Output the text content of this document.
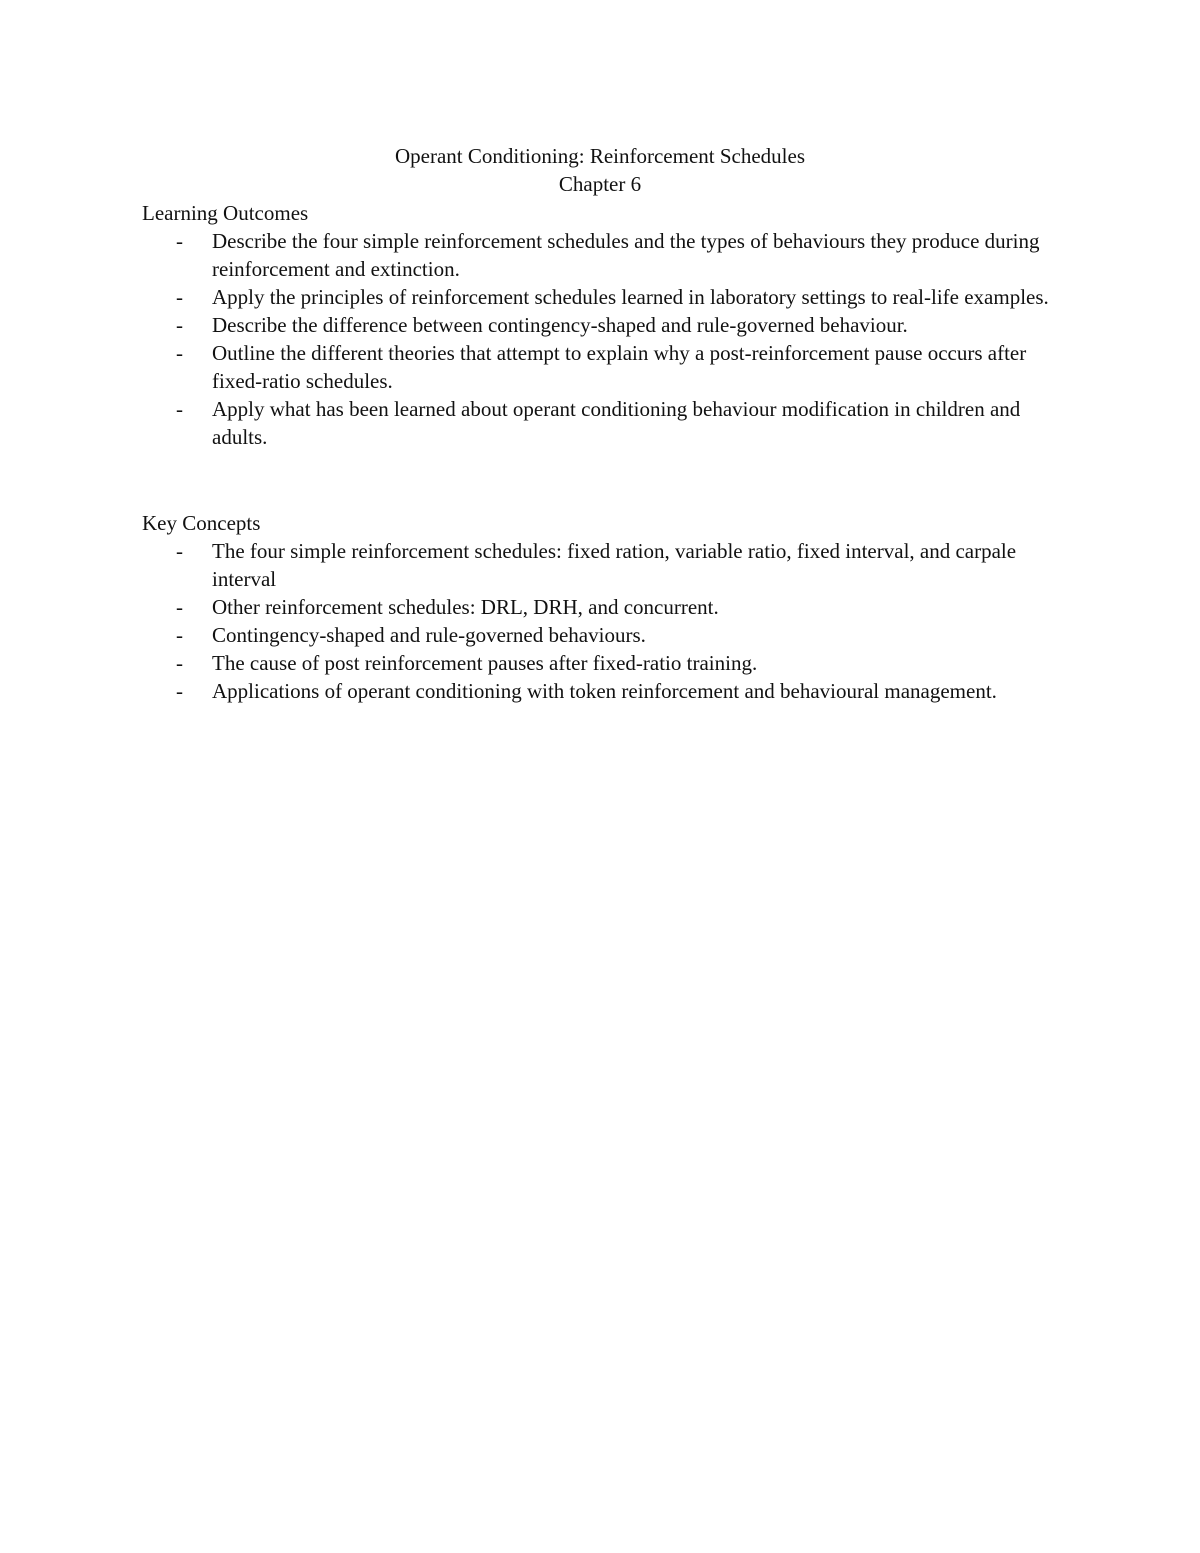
Operant Conditioning: Reinforcement Schedules
Chapter 6
Learning Outcomes
- Describe the four simple reinforcement schedules and the types of behaviours they produce during reinforcement and extinction.
- Apply the principles of reinforcement schedules learned in laboratory settings to real-life examples.
- Describe the difference between contingency-shaped and rule-governed behaviour.
- Outline the different theories that attempt to explain why a post-reinforcement pause occurs after fixed-ratio schedules.
- Apply what has been learned about operant conditioning behaviour modification in children and adults.
Key Concepts
- The four simple reinforcement schedules: fixed ration, variable ratio, fixed interval, and carpale interval
- Other reinforcement schedules: DRL, DRH, and concurrent.
- Contingency-shaped and rule-governed behaviours.
- The cause of post reinforcement pauses after fixed-ratio training.
- Applications of operant conditioning with token reinforcement and behavioural management.
